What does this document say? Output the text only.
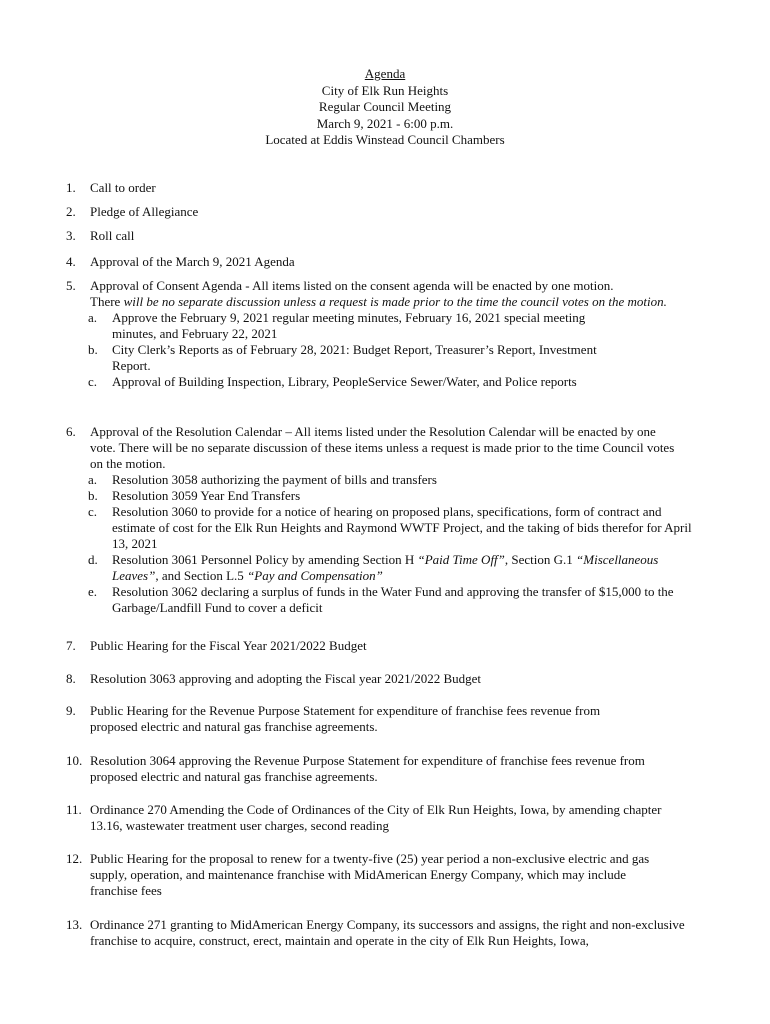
Agenda
City of Elk Run Heights
Regular Council Meeting
March 9, 2021 - 6:00 p.m.
Located at Eddis Winstead Council Chambers
1.	Call to order
2.	Pledge of Allegiance
3.	Roll call
4.	Approval of the March 9, 2021 Agenda
5.	Approval of Consent Agenda - All items listed on the consent agenda will be enacted by one motion.
There will be no separate discussion unless a request is made prior to the time the council votes on the motion.
a. Approve the February 9, 2021 regular meeting minutes, February 16, 2021 special meeting minutes, and February 22, 2021
b. City Clerk’s Reports as of February 28, 2021: Budget Report, Treasurer’s Report, Investment Report.
c. Approval of Building Inspection, Library, PeopleService Sewer/Water, and Police reports
6.	Approval of the Resolution Calendar – All items listed under the Resolution Calendar will be enacted by one vote. There will be no separate discussion of these items unless a request is made prior to the time Council votes on the motion.
a. Resolution 3058 authorizing the payment of bills and transfers
b. Resolution 3059 Year End Transfers
c. Resolution 3060 to provide for a notice of hearing on proposed plans, specifications, form of contract and estimate of cost for the Elk Run Heights and Raymond WWTF Project, and the taking of bids therefor for April 13, 2021
d. Resolution 3061 Personnel Policy by amending Section H “Paid Time Off”, Section G.1 “Miscellaneous Leaves”, and Section L.5 “Pay and Compensation”
e. Resolution 3062 declaring a surplus of funds in the Water Fund and approving the transfer of $15,000 to the Garbage/Landfill Fund to cover a deficit
7.	Public Hearing for the Fiscal Year 2021/2022 Budget
8.	Resolution 3063 approving and adopting the Fiscal year 2021/2022 Budget
9.	Public Hearing for the Revenue Purpose Statement for expenditure of franchise fees revenue from proposed electric and natural gas franchise agreements.
10. Resolution 3064 approving the Revenue Purpose Statement for expenditure of franchise fees revenue from proposed electric and natural gas franchise agreements.
11. Ordinance 270 Amending the Code of Ordinances of the City of Elk Run Heights, Iowa, by amending chapter 13.16, wastewater treatment user charges, second reading
12. Public Hearing for the proposal to renew for a twenty-five (25) year period a non-exclusive electric and gas supply, operation, and maintenance franchise with MidAmerican Energy Company, which may include franchise fees
13. Ordinance 271 granting to MidAmerican Energy Company, its successors and assigns, the right and non-exclusive franchise to acquire, construct, erect, maintain and operate in the city of Elk Run Heights, Iowa,
